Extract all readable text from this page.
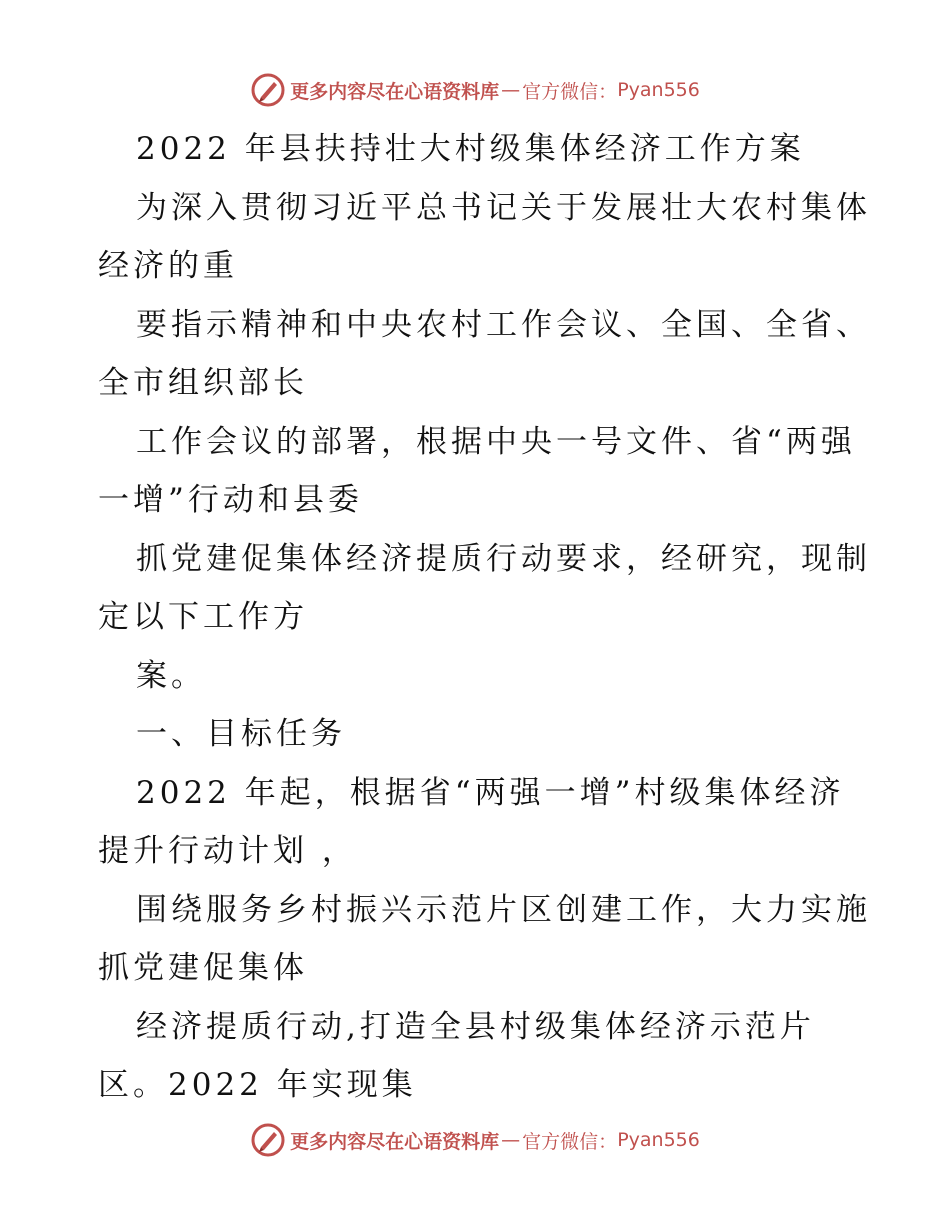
更多内容尽在心语资料库 — 官方微信： Pyan556
2022 年县扶持壮大村级集体经济工作方案
为深入贯彻习近平总书记关于发展壮大农村集体
经济的重
要指示精神和中央农村工作会议、全国、全省、
全市组织部长
工作会议的部署，根据中央一号文件、省“两强
一增”行动和县委
抓党建促集体经济提质行动要求，经研究，现制
定以下工作方
案。
一、目标任务
2022 年起，根据省“两强一增”村级集体经济
提升行动计划 ，
围绕服务乡村振兴示范片区创建工作，大力实施
抓党建促集体
经济提质行动,打造全县村级集体经济示范片
区。2022 年实现集
更多内容尽在心语资料库 — 官方微信： Pyan556
